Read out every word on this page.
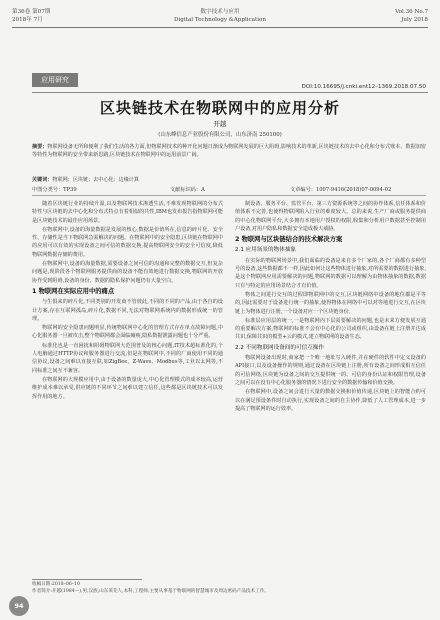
第36卷 第07期
2018年 7月
数字技术与应用
Digital Technology &Application
Vol.36 No.7
July 2018
应用研究
DOI:10.16695/j.cnki.ent12–1369.2018.07.50
区块链技术在物联网中的应用分析
开越
(山东峰信息产业股份有限公司，山东济南 250100)
摘要：物联网设备无所和便利了我们生活的各方面,但物联网技术的种开化问题日渐成为物联网发展的巨大阻碍,影响技术的革新,区块链技术的去中心化和分布式账本、数据加密等特性为物联网的安全带来新思路,区块链技术在物联网中的运用前景广阔。
关键词：物联网；区块链；去中心化；边缘计算
中图分类号：TP39	文献标识码：A	文章编号：1007-9416(2018)07-0094-02

随着区块链行业的持续升温,以及物联网技术渗透生活,不难发现物联网的分布式特性与区块链的去中心化和分布式特点有着相似的共性,IBM也发布报告指物联网可能是区块链技术的最佳应用场景。

在物联网中,设备的海量数据是发展的核心,数据是价值所在,信息的碎片化、安全性、存储性是当下物联网急需解决的问题。在物联网中的安全隐患,区块链在物联网中的应用可以有效的实现设备之间可信的数据交换,提高物联网安全的安全可信度,降低物联网数据存储的费用。

在物联网中,设备的海量数据,需要设备之间可信的沟通和完整的数据交互,但复杂问题是,现阶段各个物联网服务提供商的设备不能有效地进行数据交换,物联网的开放协作受到阻碍,设备的身份、数据的隐私保护问题仍有大量空白。

1 物联网在实际应用中的痛点

与生俱来的碎片化,不同类别的开发商不管彼此,不同的不同的产品,由于各自的设计方案,存在互联网孤岛,碎片化,数据不同,无法对物联网系统内的数据形成统一的管理。

物联网的安全隐患问题明显,传统物联网中心化的管理方式存在单点故障问题,中心化服务器一旦被攻击,整个物联网都会面临瘫痪,隐私数据泄露问题也十分严重。

标准化也是一直困扰和阻碍物联网大范围普及的核心问题,IT技术超标准化的,个人电脑通过HTTP协议和服务器进行交流,但是在物联网中,不同的厂商使用不同的通信协议,设备之间难以直接互联,如ZigBee、Z-Wave、Modbus等,工业以太网等,不同标准之间互不兼容。

在物联网的大规模应用中,由于设备的数量庞大,中心化管理模式的成本较高,运营维护成本难以承受,供应链的不同环节之间难以建立信任,这些都是区块链技术可以发挥作用的地方。

制设备、服务平台、监管平台、第三方资源系统等之间的协作体系,信任体系和价值体系不完善,也使得物联网陷入行业的难度较大。总的来说,生产厂商或服务提供商的中心化物联网平台,大多拥有本地用户授权的权限,收集和分析用户数据甚至控制用户设备,对用户隐私和数据安全造成极大威胁。

2 物联网与区块链结合的技术解决方案
2.1 应用场景的物体抽象

在实际的物联网场景中,我们面临的设备是来自多个厂家的,各个厂商都有多种型号的设备,这些数据都不一样,因此如何让这些物体进行抽象,对所需要的数据进行抽象,是这个物联网应用需要解决的问题,物联网的数据可以理解为由物体抽象的数据,数据只有与特定的应用场景结合才有价值。

物体之间进行交互的过程即物联网中的交互,区块链网络中设备的地位都是平等的,因此需要对于设备进行统一的抽象,使得物体在网络中可以对等地进行交互,在区块链上为物体进行注册,一个设备对应一个区块链身份。

标准层应用层的统一,一是物联网内下层需要解决的问题,也是未来方便发展互通的重要解决方案,物联网的标准不会有中心化的公司或组织,由设备在链上注册并达成共识,保障共识的模型+云的模式,建立物联网的设备生态。

2.2 不同物联网设备间的可信互操作

物联网设备出现时,商家把一个唯一地址写入硬件,并在硬件的软件中定义设备的API接口,以及设备操作的规则,通过设备在区块链上注册,所有设备之间形成相互信任的可信网络,区块链为设备之间的交互提供统一的、可信的身份认证和权限管理,设备之间可以在没有中心化服务器的情况下进行安全的数据传输和价值交换。

在物联网中,设备之间会进行大量的数据交换和价值传递,区块链上的智能合约可以在满足预设条件时自动执行,实现设备之间的自主协作,降低了人工管理成本,进一步提高了物联网的运行效率。

收稿日期:2018–06–10
作者简介:开越(1984—),男,汉族,山东莱芜人,本科,工程师,主要从事基于物联网的智慧城市及周边密码产品技术工作。
94
